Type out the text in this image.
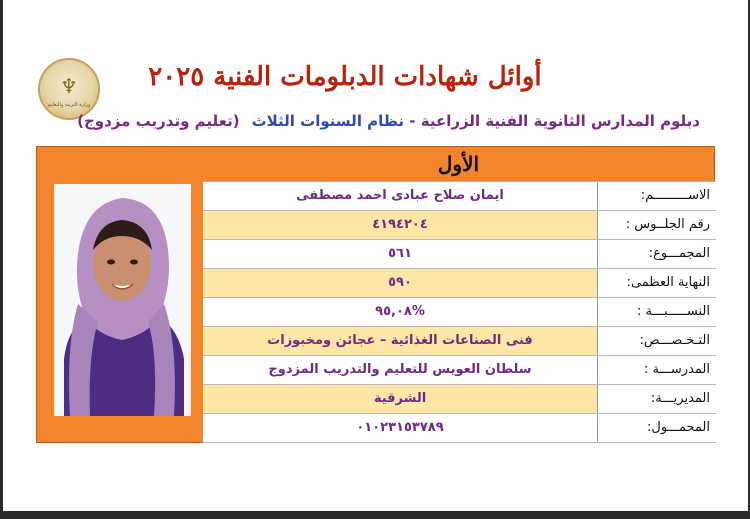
♆
وزارة التربية والتعليم
أوائل شهادات الدبلومات الفنية ٢٠٢٥
دبلوم المدارس الثانوية الفنية الزراعية - نظام السنوات الثلاث(تعليم وتدريب مزدوج)
الأول
ايمان صلاح عبادى احمد مصطفى	الاســـــــــم:
٤١٩٤٢٠٤	رقم الجلــوس :
٥٦١	المجمـــوع:
٥٩٠	النهاية العظمى:
%٩٥,٠٨	النســـــبـــة :
فنى الصناعات الغذائية – عجائن ومخبوزات	التـخـصـــص:
سلطان العويس للتعليم والتدريب المزدوج	المدرســـة :
الشرقية	المديريـــة:
٠١٠٢٣١٥٣٧٨٩	المحمـــول:
